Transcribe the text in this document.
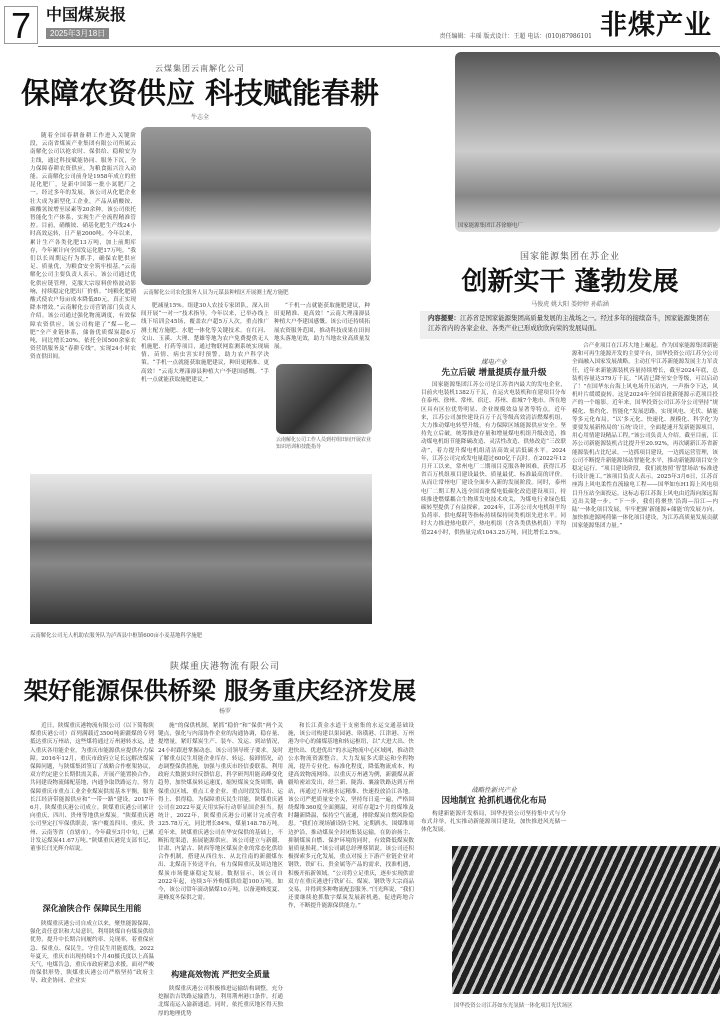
7 中国煤炭报
2025年3月18日	责任编辑：丰瑶 版式设计：王超 电话：(010)87986101 非煤产业
云煤集团云南解化公司
保障农资供应 科技赋能春耕
牛志全
随着全国春耕备耕工作进入关键阶段，云南省煤炭产业集团有限公司所属云南解化公司以抢农时、保供给、稳粮安为主线，通过科技赋能协同、服务下沉，全力保障春耕农资供应，为粮食振兴注入动能。云南解化公司前身是1958年成立的驻昆化肥厂，是新中国第一批小氮肥厂之一。经过多年的发展，该公司从化肥企业壮大成为新型化工企业，产品从硝酸铵、碳酸氢铵增至尿素等20余种。该公司依托智能化生产体系，实现生产全流程精准管控。目前，硝酸铵、硝基化肥生产线24小时高效运转，日产量2000吨。今年以来，累计生产各类化肥13万吨，加上前期库存，今年累计向全国发运化肥17万吨。“我们以长周期运行为抓手，确保农肥供应足、质量优，为粮食安全筑牢根基。”云南解化公司主要负责人表示。该公司通过优化供应链管理，克服大宗原料价格波动影响，持续稳定化肥出厂价格。“纯粮化肥硝酸式使农户每亩成本降低80元，真正实现降本增效。”云南解化公司营销部门负责人介绍。该公司通过强化物流调度，有效保障农资供应。该公司构建了“煤—化—肥”全产业链体系，储备优质煤炭超6万吨，同比增长20%。依托全国500余家农资营销服务及“春耕专线”，实现24小时农资直供田间。
云南解化公司农化服务人员为元谋县种植区开展测土配方施肥
肥减量15%。组建30人农技专家团队，深入田间开展“一对一”技术指导。今年以来，已举办线上线下培训会45场，覆盖农户超5万人次，重点推广测土配方施肥、水肥一体化等关键技术。在红河、文山、玉溪、大理、楚雄等地为农户免费提供无人机施肥、打药等项目，通过物联网监测系统实现墒情、苗情、病虫害实时预警，助力农户科学决策。“手机一点就能获取施肥建议，种田更精准、更高效！”云南大理漾濞县种植大户李建国感慨。“手机一点就能获取施肥建议。”
“千机一点就能获取施肥建议，种田更精准、更高效！”云南大理漾濞县种植大户李建国感慨。该公司还持续拓展农资服务范围，推动科技成果在田间地头落地见效，助力当地农业高质量发展。
云南解化公司工作人员到村组田间开展农业知识培训和技能指导
云南解化公司无人机助农服务队为泸西县中枢镇600亩小麦基地科学施肥
国家能源集团江苏徐塘电厂
国家能源集团在苏企业
创新实干 蓬勃发展
马俊虎 姚大阳 娄婷婷 孙皓涵
内容提要：江苏省是国家能源集团高质量发展的主战场之一。经过多年的接续奋斗，国家能源集团在江苏省内的各家企业、各类产业已形成欣欣向荣的发展局面。
煤电产业
先立后破 增量提质存量升级
国家能源集团江苏公司是江苏省内最大的发电企业，目前火电装机1382万千瓦，在运火电装机和在建项目分布在泰州、徐州、常州、宿迁、苏州、盐城7个地市。所在地区具有区位优势明显、企业规模效益显著等特点。近年来，江苏公司加快建设百万千瓦等级高效清洁燃煤机组，大力推动煤电转型升级，有力保障区域能源供应安全。坚持先立后破，统筹推进存量和增量煤电机组升级改造，推动煤电机组节能降碳改造、灵活性改造、供热改造“三改联动”，着力提升煤电机组清洁高效灵活低碳水平。2024年，江苏公司完成发电量超过600亿千瓦时。在2022年12月开工以来，常州电厂二期项目克服各种困难，获得江苏省百万机组项目建设最快、质量最优、标准最高的评价。从而让常州电厂建设全面步入新的发展阶段。同时，泰州电厂二期工程入选全国首批煤电低碳化改造建设项目，持续推进燃煤耦合生物质发电技术攻关，为煤电行业绿色低碳转型提供了有益探索。2024年，江苏公司火电机组平均负荷率、供电煤耗等指标持续保持同类机组先进水平。同时大力推进热电联产，热电机组（含各类供热机组）平均值224小时，供热量完成1043.25万吨，同比增长2.5%。
战略性新兴产业
因地制宜 抢抓机遇优化布局
构建新能源开发格局，国华投资公司坚持集中式与分布式并举，扎实推动新能源项目建设，加快推进风光储一体化发展。
合产业项目在江苏大地上崛起。作为国家能源集团新能源和可再生能源开发的主要平台，国华投资公司江苏分公司全面融入国家发展战略，主动扛牢江苏新能源发展主力军责任，近年来新能源装机容量持续增长，截至2024年底，总装机容量达379万千瓦。“风清已降至安全等级，可以启动了！”在国华东台海上风电场升压站内，一声指令下达，风机叶片缓缓旋转。这是2024年全国首批新能源示范项目投产的一个缩影。近年来，国华投资公司江苏分公司坚持“规模化、集约化、智能化”发展思路，实现风电、光伏、储能等多元化布局。“以‘多元化、快速化、规模化、科学化’为要要发展新格局的‘五统’设计，全面提速开发新能源项目，用心用情建设精品工程。”该公司负责人介绍。截至目前，江苏公司新能源装机占比提升至20.92%，再次刷新江苏省新能源装机占比纪录。一边抓项目建设，一边抓运营管理，该公司不断提升新能源场站智能化水平，推动新能源项目安全稳定运行。“项目建设阶段，我们就按照‘智慧场站’标准进行设计施工。”该项目负责人表示。2025年3月6日，江苏首座海上风电柔性直流输电工程——国华如东H1海上风电项目升压站全面投运。这标志着江苏海上风电由近海向深远海迈出关键一步。“下一步，我们将聚焦‘沿海—沿江—内陆’一体化项目发展，牢牢把握‘新能源+储能’的发展方向，加快推进源网荷储一体化项目建设，为江苏高质量发展贡献国家能源集团力量。”
国华投资公司江苏如东光氢储一体化项目光伏场区
陕煤重庆港物流有限公司
架好能源保供桥梁 服务重庆经济发展
杨罗
近日，陕煤重庆港物流有限公司（以下简称陕煤重庆港公司）首列满载近3500吨新疆煤的专列抵达重庆万州站，这些煤将通过万州港转水运，进入重庆各用能企业，为重庆市能源供应提供有力保障。2016年12月，重庆市政府立足长远解决煤炭保障问题，与陕煤集团签订了战略合作框架协议，双方约定建立长期供需关系，开展产能置换合作，共同建设物流储配基地，内通争取铁路运力，努力保障重庆市重点工业企业煤炭供需基本平衡，服务长江经济带能源供应和“一带一路”建设。2017年6月，陕煤重庆港公司成立。陕煤重庆港公司累计向重庆、四川、贵州等地供应煤炭。“陕煤重庆港公司坚定扛牢保供职责，客户覆盖四川、重庆、贵州、云南等省（直辖市）。今年截至3月中旬，已累计发运煤炭41.67万吨。”陕煤重庆港党支部书记、董事长闫光辉介绍说。
深化渝陕合作 保障民生用能
陕煤重庆港公司自成立以来，聚焦能源保障，强化责任意识和大局意识，利用陕煤自有煤炭供给优势，提升中长期合同履约率、兑现率，着重保应急、保重点、保民生，守住民生用能底线。2022年夏天，重庆市出现持续1个月40摄氏度以上高温天气，电煤告急，重庆市政府紧急求援。面对严峻的保供形势，陕煤重庆港公司严格坚持“政府主导、政企协同、企业实
施”的保供机制，紧抓“稳价”和“保供”两个关键点，强化与内部协作企业的沟通协调，稳存量、提增量，紧盯煤炭生产、装车、发运、到站情况，24小时跟进掌握动态。该公司领导班子要求，及时了解重点民生用能企业库存、转运、接卸情况，动态调整保供措施，加强与重庆市经信委联系，利用政府大数据实时反馈信息，科学研判用能高峰变化趋势，加快煤炭转运速度，缩短煤炭交货周期，确保重点区域、重点工业企业、重点时段发得出、运得上、供得稳。为保障重庆民生用能，陕煤重庆港公司在2022年夏天用实际行动彰显国企担当。据统计，2022年，陕煤重庆港公司累计完成营收325.78万元，同比增长84%，煤量148.78万吨。近年来，陕煤重庆港公司在华安保供的基础上，不断拓宽渠道，拓展能源供应。该公司建立与新疆、甘肃、内蒙古、陕西等地区煤炭企业的常态化供给合作机制，搭建从西往东、从北往南的新疆煤东出、北煤南下传送平台，有力保障重庆及周边地区煤炭市场健康稳定发展。数据显示，该公司自2022年起，连续3年外购煤供给超100万吨。如今，该公司常年滚动储煤10万吨，以备迎峰度夏、迎峰度冬保供之需。
构建高效物流 严把安全质量
陕煤重庆港公司积极推进运输结构调整，充分挖掘浩吉铁路运输潜力，利用荆州港口条件，打通北煤南运入渝新通道。同时，依托重庆地区得天独厚的地理优势
和长江黄金水道干支密集的水运交通基础设施，该公司构建以果园港、珞璜港、江津港、万州港为中心的储煤基地和转运枢纽，以“大进大出、快进快出、优进优出”的水运物流中心区域网，推动铁公水物流资源整合，大力发展多式联运和全程物流，提升专业化、标准化程度，降低物流成本，构建高效物流网络。以重庆万州港为例，新疆煤从新疆哈密站发出，经兰新、陇海、襄渝铁路达到万州站，再通过万州港水运精准、快速投放沿江各地。该公司严把质量安全关，坚持每日巡一遍，严格围绕煤堆360度全面测温，对库存超2个月的煤堆及时翻新降温，保持空气流通，排除煤炭自燃风险隐患。“我们在现场铺设防尘网，定期洒水，围煤堆周边护沿，推动煤炭全封闭集装运输，在防治扬尘、抑制煤炭自燃、保护环境的同时，有效降低煤炭数量质量损耗。”该公司副总经理蔡韬说。该公司还积极探索多元化发展，重点对接上下游产业链企业对钢铁、铁矿石、贵金属等产品的需求，找准机遇，积极开拓新领域。“公司将立足重庆，逐步实现供需双方在重庆港进行铁矿石、煤炭、钢铁等大宗商品交易，并得到多种物流配套服务。”闫光辉说，“我们还要继续抢抓数字煤炭发展新机遇，促进跨地合作，不断提升能源保供能力。”
